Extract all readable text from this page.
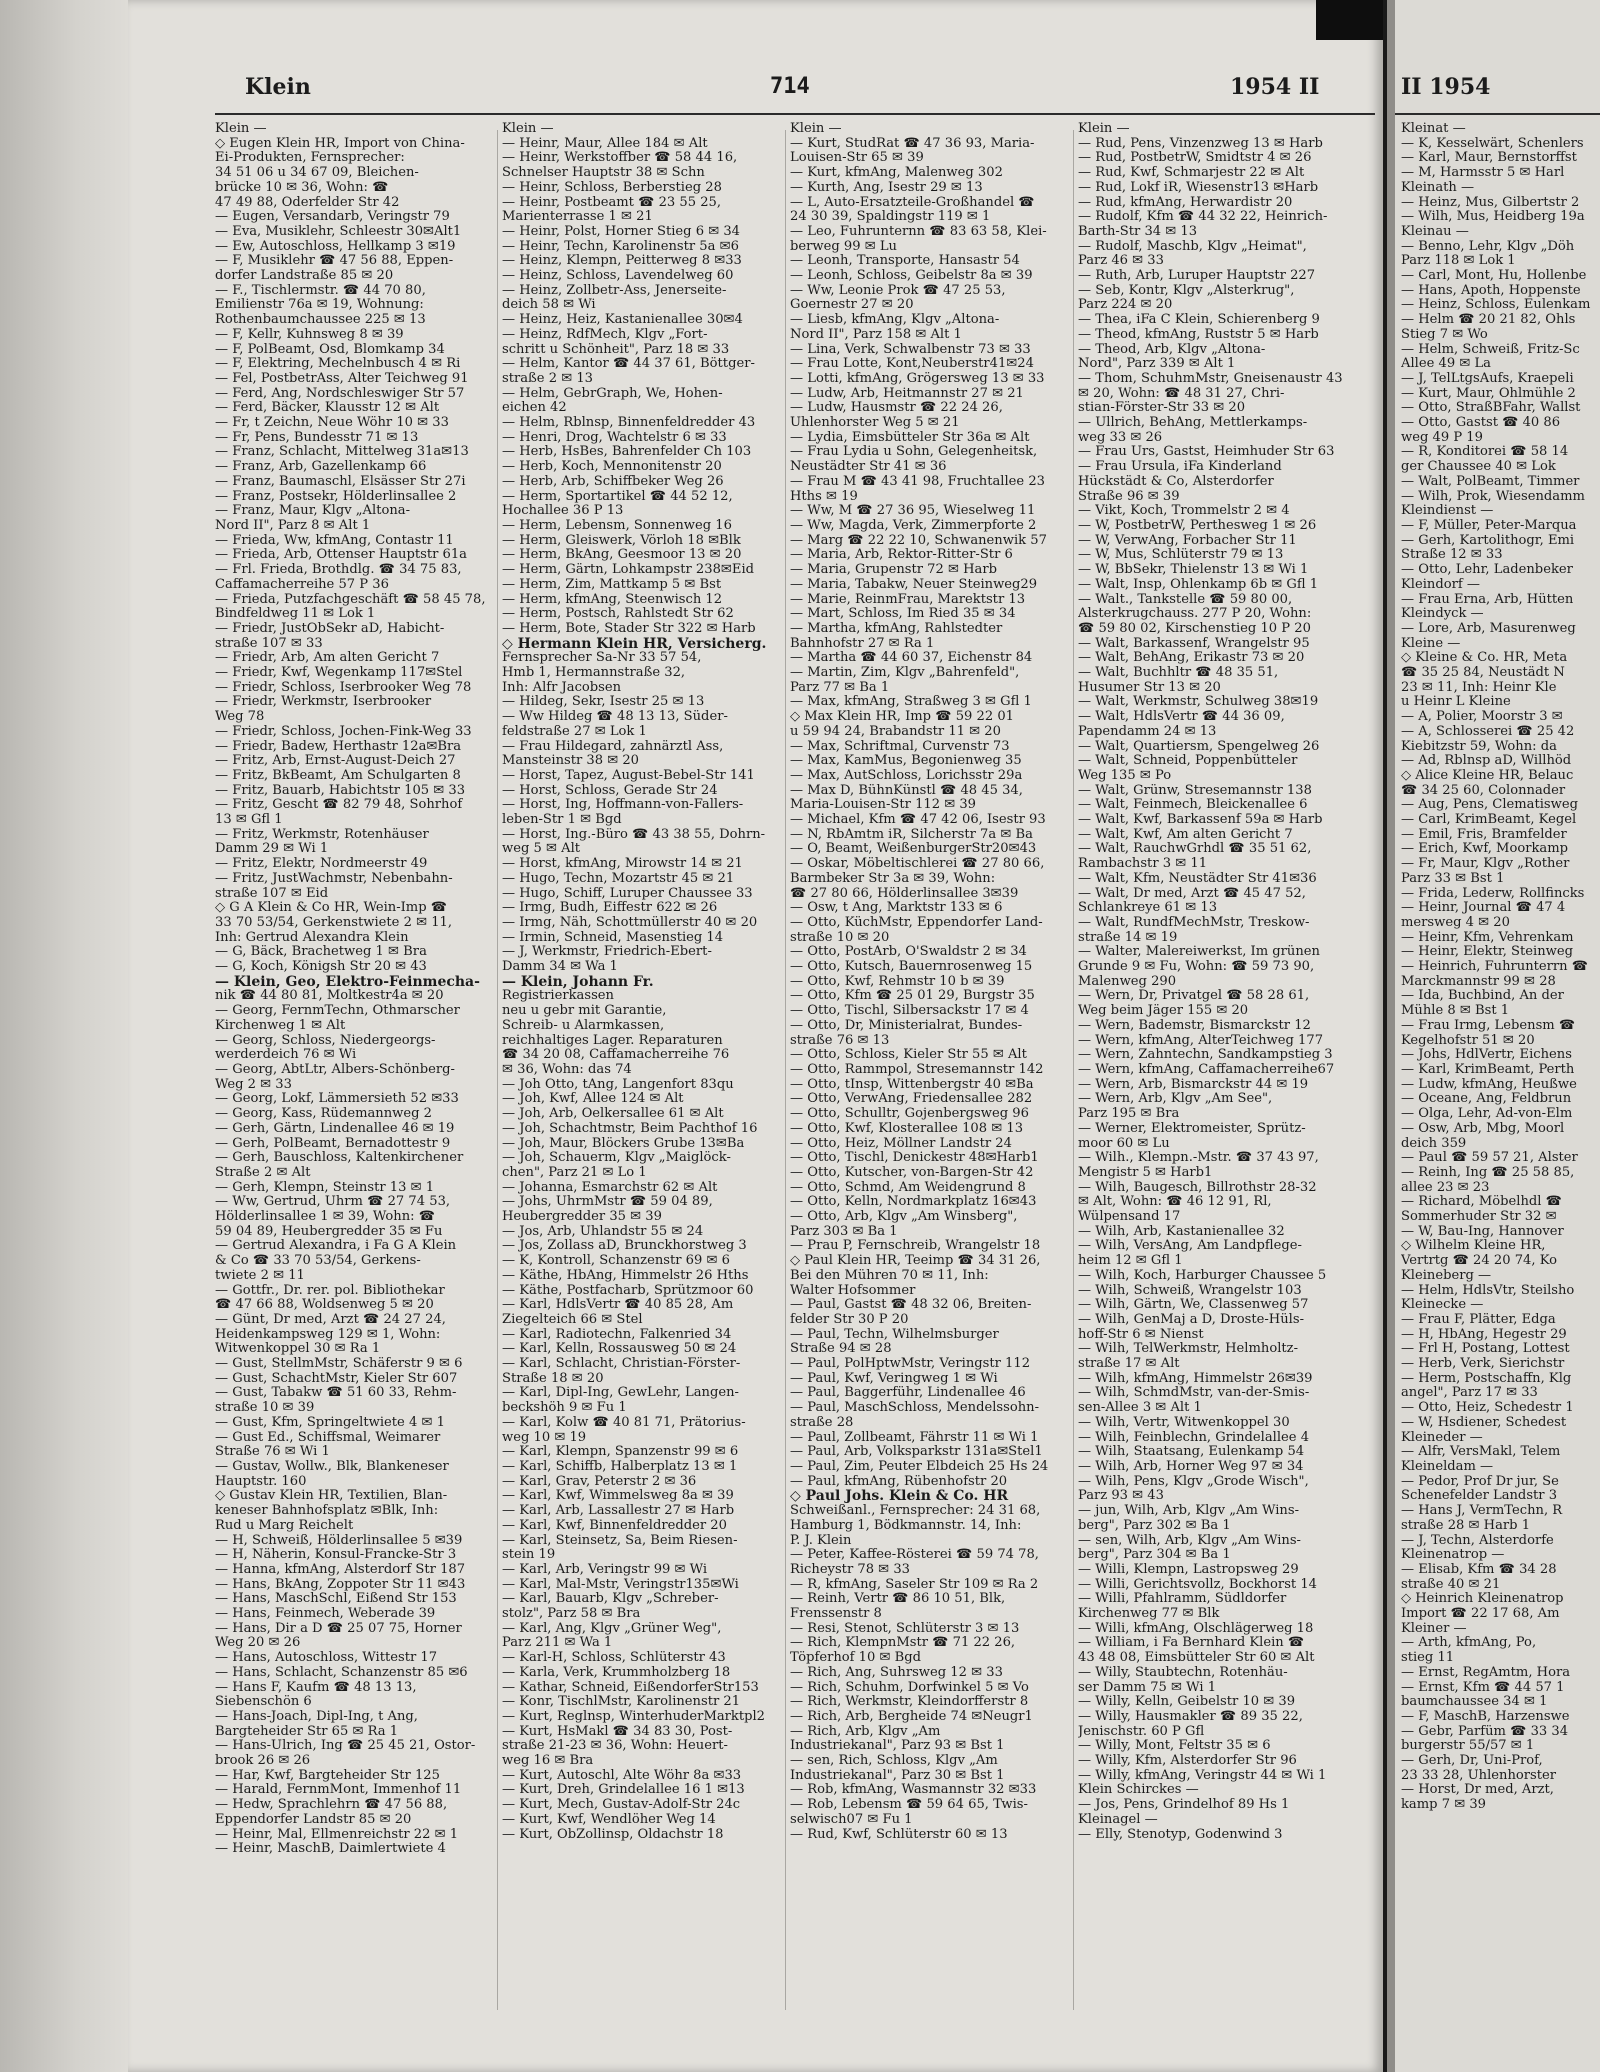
Klein	714	1954 II
Klein —
◇ Eugen Klein HR, Import von China-
Ei-Produkten, Fernsprecher:
34 51 06 u 34 67 09, Bleichen-
brücke 10 ✉ 36, Wohn: ☎
47 49 88, Oderfelder Str 42
— Eugen, Versandarb, Veringstr 79
— Eva, Musiklehr, Schleestr 30✉Alt1
— Ew, Autoschloss, Hellkamp 3 ✉19
— F, Musiklehr ☎ 47 56 88, Eppen-
dorfer Landstraße 85 ✉ 20
— F., Tischlermstr. ☎ 44 70 80,
Emilienstr 76a ✉ 19, Wohnung:
Rothenbaumchaussee 225 ✉ 13
— F, Kellr, Kuhnsweg 8 ✉ 39
— F, PolBeamt, Osd, Blomkamp 34
— F, Elektring, Mechelnbusch 4 ✉ Ri
— Fel, PostbetrAss, Alter Teichweg 91
— Ferd, Ang, Nordschleswiger Str 57
— Ferd, Bäcker, Klausstr 12 ✉ Alt
— Fr, t Zeichn, Neue Wöhr 10 ✉ 33
— Fr, Pens, Bundesstr 71 ✉ 13
— Franz, Schlacht, Mittelweg 31a✉13
— Franz, Arb, Gazellenkamp 66
— Franz, Baumaschl, Elsässer Str 27i
— Franz, Postsekr, Hölderlinsallee 2
— Franz, Maur, Klgv „Altona-
Nord II", Parz 8 ✉ Alt 1
— Frieda, Ww, kfmAng, Contastr 11
— Frieda, Arb, Ottenser Hauptstr 61a
— Frl. Frieda, Brothdlg. ☎ 34 75 83,
Caffamacherreihe 57 P 36
— Frieda, Putzfachgeschäft ☎ 58 45 78,
Bindfeldweg 11 ✉ Lok 1
— Friedr, JustObSekr aD, Habicht-
straße 107 ✉ 33
— Friedr, Arb, Am alten Gericht 7
— Friedr, Kwf, Wegenkamp 117✉Stel
— Friedr, Schloss, Iserbrooker Weg 78
— Friedr, Werkmstr, Iserbrooker
Weg 78
— Friedr, Schloss, Jochen-Fink-Weg 33
— Friedr, Badew, Herthastr 12a✉Bra
— Fritz, Arb, Ernst-August-Deich 27
— Fritz, BkBeamt, Am Schulgarten 8
— Fritz, Bauarb, Habichtstr 105 ✉ 33
— Fritz, Gescht ☎ 82 79 48, Sohrhof
13 ✉ Gfl 1
— Fritz, Werkmstr, Rotenhäuser
Damm 29 ✉ Wi 1
— Fritz, Elektr, Nordmeerstr 49
— Fritz, JustWachmstr, Nebenbahn-
straße 107 ✉ Eid
◇ G A Klein & Co HR, Wein-Imp ☎
33 70 53/54, Gerkenstwiete 2 ✉ 11,
Inh: Gertrud Alexandra Klein
— G, Bäck, Brachetweg 1 ✉ Bra
— G, Koch, Königsh Str 20 ✉ 43
— Klein, Geo, Elektro-Feinmecha-
nik ☎ 44 80 81, Moltkestr4a ✉ 20
— Georg, FernmTechn, Othmarscher
Kirchenweg 1 ✉ Alt
— Georg, Schloss, Niedergeorgs-
werderdeich 76 ✉ Wi
— Georg, AbtLtr, Albers-Schönberg-
Weg 2 ✉ 33
— Georg, Lokf, Lämmersieth 52 ✉33
— Georg, Kass, Rüdemannweg 2
— Gerh, Gärtn, Lindenallee 46 ✉ 19
— Gerh, PolBeamt, Bernadottestr 9
— Gerh, Bauschloss, Kaltenkirchener
Straße 2 ✉ Alt
— Gerh, Klempn, Steinstr 13 ✉ 1
— Ww, Gertrud, Uhrm ☎ 27 74 53,
Hölderlinsallee 1 ✉ 39, Wohn: ☎
59 04 89, Heubergredder 35 ✉ Fu
— Gertrud Alexandra, i Fa G A Klein
& Co ☎ 33 70 53/54, Gerkens-
twiete 2 ✉ 11
— Gottfr., Dr. rer. pol. Bibliothekar
☎ 47 66 88, Woldsenweg 5 ✉ 20
— Günt, Dr med, Arzt ☎ 24 27 24,
Heidenkampsweg 129 ✉ 1, Wohn:
Witwenkoppel 30 ✉ Ra 1
— Gust, StellmMstr, Schäferstr 9 ✉ 6
— Gust, SchachtMstr, Kieler Str 607
— Gust, Tabakw ☎ 51 60 33, Rehm-
straße 10 ✉ 39
— Gust, Kfm, Springeltwiete 4 ✉ 1
— Gust Ed., Schiffsmal, Weimarer
Straße 76 ✉ Wi 1
— Gustav, Wollw., Blk, Blankeneser
Hauptstr. 160
◇ Gustav Klein HR, Textilien, Blan-
keneser Bahnhofsplatz ✉Blk, Inh:
Rud u Marg Reichelt
— H, Schweiß, Hölderlinsallee 5 ✉39
— H, Näherin, Konsul-Francke-Str 3
— Hanna, kfmAng, Alsterdorf Str 187
— Hans, BkAng, Zoppoter Str 11 ✉43
— Hans, MaschSchl, Eißend Str 153
— Hans, Feinmech, Weberade 39
— Hans, Dir a D ☎ 25 07 75, Horner
Weg 20 ✉ 26
— Hans, Autoschloss, Wittestr 17
— Hans, Schlacht, Schanzenstr 85 ✉6
— Hans F, Kaufm ☎ 48 13 13,
Siebenschön 6
— Hans-Joach, Dipl-Ing, t Ang,
Bargteheider Str 65 ✉ Ra 1
— Hans-Ulrich, Ing ☎ 25 45 21, Ostor-
brook 26 ✉ 26
— Har, Kwf, Bargteheider Str 125
— Harald, FernmMont, Immenhof 11
— Hedw, Sprachlehrn ☎ 47 56 88,
Eppendorfer Landstr 85 ✉ 20
— Heinr, Mal, Ellmenreichstr 22 ✉ 1
— Heinr, MaschB, Daimlertwiete 4
Klein —
— Heinr, Maur, Allee 184 ✉ Alt
— Heinr, Werkstoffber ☎ 58 44 16,
Schnelser Hauptstr 38 ✉ Schn
— Heinr, Schloss, Berberstieg 28
— Heinr, Postbeamt ☎ 23 55 25,
Marienterrasse 1 ✉ 21
— Heinr, Polst, Horner Stieg 6 ✉ 34
— Heinr, Techn, Karolinenstr 5a ✉6
— Heinz, Klempn, Peitterweg 8 ✉33
— Heinz, Schloss, Lavendelweg 60
— Heinz, Zollbetr-Ass, Jenerseite-
deich 58 ✉ Wi
— Heinz, Heiz, Kastanienallee 30✉4
— Heinz, RdfMech, Klgv „Fort-
schritt u Schönheit", Parz 18 ✉ 33
— Helm, Kantor ☎ 44 37 61, Böttger-
straße 2 ✉ 13
— Helm, GebrGraph, We, Hohen-
eichen 42
— Helm, Rblnsp, Binnenfeldredder 43
— Henri, Drog, Wachtelstr 6 ✉ 33
— Herb, HsBes, Bahrenfelder Ch 103
— Herb, Koch, Mennonitenstr 20
— Herb, Arb, Schiffbeker Weg 26
— Herm, Sportartikel ☎ 44 52 12,
Hochallee 36 P 13
— Herm, Lebensm, Sonnenweg 16
— Herm, Gleiswerk, Vörloh 18 ✉Blk
— Herm, BkAng, Geesmoor 13 ✉ 20
— Herm, Gärtn, Lohkampstr 238✉Eid
— Herm, Zim, Mattkamp 5 ✉ Bst
— Herm, kfmAng, Steenwisch 12
— Herm, Postsch, Rahlstedt Str 62
— Herm, Bote, Stader Str 322 ✉ Harb
◇ Hermann Klein HR, Versicherg.
Fernsprecher Sa-Nr 33 57 54,
Hmb 1, Hermannstraße 32,
Inh: Alfr Jacobsen
— Hildeg, Sekr, Isestr 25 ✉ 13
— Ww Hildeg ☎ 48 13 13, Süder-
feldstraße 27 ✉ Lok 1
— Frau Hildegard, zahnärztl Ass,
Mansteinstr 38 ✉ 20
— Horst, Tapez, August-Bebel-Str 141
— Horst, Schloss, Gerade Str 24
— Horst, Ing, Hoffmann-von-Fallers-
leben-Str 1 ✉ Bgd
— Horst, Ing.-Büro ☎ 43 38 55, Dohrn-
weg 5 ✉ Alt
— Horst, kfmAng, Mirowstr 14 ✉ 21
— Hugo, Techn, Mozartstr 45 ✉ 21
— Hugo, Schiff, Luruper Chaussee 33
— Irmg, Budh, Eiffestr 622 ✉ 26
— Irmg, Näh, Schottmüllerstr 40 ✉ 20
— Irmin, Schneid, Masenstieg 14
— J, Werkmstr, Friedrich-Ebert-
Damm 34 ✉ Wa 1
— Klein, Johann Fr.
Registrierkassen
neu u gebr mit Garantie,
Schreib- u Alarmkassen,
reichhaltiges Lager. Reparaturen
☎ 34 20 08, Caffamacherreihe 76
✉ 36, Wohn: das 74
— Joh Otto, tAng, Langenfort 83qu
— Joh, Kwf, Allee 124 ✉ Alt
— Joh, Arb, Oelkersallee 61 ✉ Alt
— Joh, Schachtmstr, Beim Pachthof 16
— Joh, Maur, Blöckers Grube 13✉Ba
— Joh, Schauerm, Klgv „Maiglöck-
chen", Parz 21 ✉ Lo 1
— Johanna, Esmarchstr 62 ✉ Alt
— Johs, UhrmMstr ☎ 59 04 89,
Heubergredder 35 ✉ 39
— Jos, Arb, Uhlandstr 55 ✉ 24
— Jos, Zollass aD, Brunckhorstweg 3
— K, Kontroll, Schanzenstr 69 ✉ 6
— Käthe, HbAng, Himmelstr 26 Hths
— Käthe, Postfacharb, Sprützmoor 60
— Karl, HdlsVertr ☎ 40 85 28, Am
Ziegelteich 66 ✉ Stel
— Karl, Radiotechn, Falkenried 34
— Karl, Kelln, Rossausweg 50 ✉ 24
— Karl, Schlacht, Christian-Förster-
Straße 18 ✉ 20
— Karl, Dipl-Ing, GewLehr, Langen-
beckshöh 9 ✉ Fu 1
— Karl, Kolw ☎ 40 81 71, Prätorius-
weg 10 ✉ 19
— Karl, Klempn, Spanzenstr 99 ✉ 6
— Karl, Schiffb, Halberplatz 13 ✉ 1
— Karl, Grav, Peterstr 2 ✉ 36
— Karl, Kwf, Wimmelsweg 8a ✉ 39
— Karl, Arb, Lassallestr 27 ✉ Harb
— Karl, Kwf, Binnenfeldredder 20
— Karl, Steinsetz, Sa, Beim Riesen-
stein 19
— Karl, Arb, Veringstr 99 ✉ Wi
— Karl, Mal-Mstr, Veringstr135✉Wi
— Karl, Bauarb, Klgv „Schreber-
stolz", Parz 58 ✉ Bra
— Karl, Ang, Klgv „Grüner Weg",
Parz 211 ✉ Wa 1
— Karl-H, Schloss, Schlüterstr 43
— Karla, Verk, Krummholzberg 18
— Kathar, Schneid, EißendorferStr153
— Konr, TischlMstr, Karolinenstr 21
— Kurt, Reglnsp, WinterhuderMarktpl2
— Kurt, HsMakl ☎ 34 83 30, Post-
straße 21-23 ✉ 36, Wohn: Heuert-
weg 16 ✉ Bra
— Kurt, Autoschl, Alte Wöhr 8a ✉33
— Kurt, Dreh, Grindelallee 16 1 ✉13
— Kurt, Mech, Gustav-Adolf-Str 24c
— Kurt, Kwf, Wendlöher Weg 14
— Kurt, ObZollinsp, Oldachstr 18
Klein —
— Kurt, StudRat ☎ 47 36 93, Maria-
Louisen-Str 65 ✉ 39
— Kurt, kfmAng, Malenweg 302
— Kurth, Ang, Isestr 29 ✉ 13
— L, Auto-Ersatzteile-Großhandel ☎
24 30 39, Spaldingstr 119 ✉ 1
— Leo, Fuhrunternn ☎ 83 63 58, Klei-
berweg 99 ✉ Lu
— Leonh, Transporte, Hansastr 54
— Leonh, Schloss, Geibelstr 8a ✉ 39
— Ww, Leonie Prok ☎ 47 25 53,
Goernestr 27 ✉ 20
— Liesb, kfmAng, Klgv „Altona-
Nord II", Parz 158 ✉ Alt 1
— Lina, Verk, Schwalbenstr 73 ✉ 33
— Frau Lotte, Kont,Neuberstr41✉24
— Lotti, kfmAng, Grögersweg 13 ✉ 33
— Ludw, Arb, Heitmannstr 27 ✉ 21
— Ludw, Hausmstr ☎ 22 24 26,
Uhlenhorster Weg 5 ✉ 21
— Lydia, Eimsbütteler Str 36a ✉ Alt
— Frau Lydia u Sohn, Gelegenheitsk,
Neustädter Str 41 ✉ 36
— Frau M ☎ 43 41 98, Fruchtallee 23
Hths ✉ 19
— Ww, M ☎ 27 36 95, Wieselweg 11
— Ww, Magda, Verk, Zimmerpforte 2
— Marg ☎ 22 22 10, Schwanenwik 57
— Maria, Arb, Rektor-Ritter-Str 6
— Maria, Grupenstr 72 ✉ Harb
— Maria, Tabakw, Neuer Steinweg29
— Marie, ReinmFrau, Marektstr 13
— Mart, Schloss, Im Ried 35 ✉ 34
— Martha, kfmAng, Rahlstedter
Bahnhofstr 27 ✉ Ra 1
— Martha ☎ 44 60 37, Eichenstr 84
— Martin, Zim, Klgv „Bahrenfeld",
Parz 77 ✉ Ba 1
— Max, kfmAng, Straßweg 3 ✉ Gfl 1
◇ Max Klein HR, Imp ☎ 59 22 01
u 59 94 24, Brabandstr 11 ✉ 20
— Max, Schriftmal, Curvenstr 73
— Max, KamMus, Begonienweg 35
— Max, AutSchloss, Lorichsstr 29a
— Max D, BühnKünstl ☎ 48 45 34,
Maria-Louisen-Str 112 ✉ 39
— Michael, Kfm ☎ 47 42 06, Isestr 93
— N, RbAmtm iR, Silcherstr 7a ✉ Ba
— O, Beamt, WeißenburgerStr20✉43
— Oskar, Möbeltischlerei ☎ 27 80 66,
Barmbeker Str 3a ✉ 39, Wohn:
☎ 27 80 66, Hölderlinsallee 3✉39
— Osw, t Ang, Marktstr 133 ✉ 6
— Otto, KüchMstr, Eppendorfer Land-
straße 10 ✉ 20
— Otto, PostArb, O'Swaldstr 2 ✉ 34
— Otto, Kutsch, Bauernrosenweg 15
— Otto, Kwf, Rehmstr 10 b ✉ 39
— Otto, Kfm ☎ 25 01 29, Burgstr 35
— Otto, Tischl, Silbersackstr 17 ✉ 4
— Otto, Dr, Ministerialrat, Bundes-
straße 76 ✉ 13
— Otto, Schloss, Kieler Str 55 ✉ Alt
— Otto, Rammpol, Stresemannstr 142
— Otto, tInsp, Wittenbergstr 40 ✉Ba
— Otto, VerwAng, Friedensallee 282
— Otto, Schulltr, Gojenbergsweg 96
— Otto, Kwf, Klosterallee 108 ✉ 13
— Otto, Heiz, Möllner Landstr 24
— Otto, Tischl, Denickestr 48✉Harb1
— Otto, Kutscher, von-Bargen-Str 42
— Otto, Schmd, Am Weidengrund 8
— Otto, Kelln, Nordmarkplatz 16✉43
— Otto, Arb, Klgv „Am Winsberg",
Parz 303 ✉ Ba 1
— Prau P, Fernschreib, Wrangelstr 18
◇ Paul Klein HR, Teeimp ☎ 34 31 26,
Bei den Mühren 70 ✉ 11, Inh:
Walter Hofsommer
— Paul, Gastst ☎ 48 32 06, Breiten-
felder Str 30 P 20
— Paul, Techn, Wilhelmsburger
Straße 94 ✉ 28
— Paul, PolHptwMstr, Veringstr 112
— Paul, Kwf, Veringweg 1 ✉ Wi
— Paul, Baggerführ, Lindenallee 46
— Paul, MaschSchloss, Mendelssohn-
straße 28
— Paul, Zollbeamt, Fährstr 11 ✉ Wi 1
— Paul, Arb, Volksparkstr 131a✉Stel1
— Paul, Zim, Peuter Elbdeich 25 Hs 24
— Paul, kfmAng, Rübenhofstr 20
◇ Paul Johs. Klein & Co. HR
Schweißanl., Fernsprecher: 24 31 68,
Hamburg 1, Bödkmannstr. 14, Inh:
P. J. Klein
— Peter, Kaffee-Rösterei ☎ 59 74 78,
Richeystr 78 ✉ 33
— R, kfmAng, Saseler Str 109 ✉ Ra 2
— Reinh, Vertr ☎ 86 10 51, Blk,
Frenssenstr 8
— Resi, Stenot, Schlüterstr 3 ✉ 13
— Rich, KlempnMstr ☎ 71 22 26,
Töpferhof 10 ✉ Bgd
— Rich, Ang, Suhrsweg 12 ✉ 33
— Rich, Schuhm, Dorfwinkel 5 ✉ Vo
— Rich, Werkmstr, Kleindorfferstr 8
— Rich, Arb, Bergheide 74 ✉Neugr1
— Rich, Arb, Klgv „Am
Industriekanal", Parz 93 ✉ Bst 1
— sen, Rich, Schloss, Klgv „Am
Industriekanal", Parz 30 ✉ Bst 1
— Rob, kfmAng, Wasmannstr 32 ✉33
— Rob, Lebensm ☎ 59 64 65, Twis-
selwisch07 ✉ Fu 1
— Rud, Kwf, Schlüterstr 60 ✉ 13
Klein —
— Rud, Pens, Vinzenzweg 13 ✉ Harb
— Rud, PostbetrW, Smidtstr 4 ✉ 26
— Rud, Kwf, Schmarjestr 22 ✉ Alt
— Rud, Lokf iR, Wiesenstr13 ✉Harb
— Rud, kfmAng, Herwardistr 20
— Rudolf, Kfm ☎ 44 32 22, Heinrich-
Barth-Str 34 ✉ 13
— Rudolf, Maschb, Klgv „Heimat",
Parz 46 ✉ 33
— Ruth, Arb, Luruper Hauptstr 227
— Seb, Kontr, Klgv „Alsterkrug",
Parz 224 ✉ 20
— Thea, iFa C Klein, Schierenberg 9
— Theod, kfmAng, Ruststr 5 ✉ Harb
— Theod, Arb, Klgv „Altona-
Nord", Parz 339 ✉ Alt 1
— Thom, SchuhmMstr, Gneisenaustr 43
✉ 20, Wohn: ☎ 48 31 27, Chri-
stian-Förster-Str 33 ✉ 20
— Ullrich, BehAng, Mettlerkamps-
weg 33 ✉ 26
— Frau Urs, Gastst, Heimhuder Str 63
— Frau Ursula, iFa Kinderland
Hückstädt & Co, Alsterdorfer
Straße 96 ✉ 39
— Vikt, Koch, Trommelstr 2 ✉ 4
— W, PostbetrW, Perthesweg 1 ✉ 26
— W, VerwAng, Forbacher Str 11
— W, Mus, Schlüterstr 79 ✉ 13
— W, BbSekr, Thielenstr 13 ✉ Wi 1
— Walt, Insp, Ohlenkamp 6b ✉ Gfl 1
— Walt., Tankstelle ☎ 59 80 00,
Alsterkrugchauss. 277 P 20, Wohn:
☎ 59 80 02, Kirschenstieg 10 P 20
— Walt, Barkassenf, Wrangelstr 95
— Walt, BehAng, Erikastr 73 ✉ 20
— Walt, Buchhltr ☎ 48 35 51,
Husumer Str 13 ✉ 20
— Walt, Werkmstr, Schulweg 38✉19
— Walt, HdlsVertr ☎ 44 36 09,
Papendamm 24 ✉ 13
— Walt, Quartiersm, Spengelweg 26
— Walt, Schneid, Poppenbütteler
Weg 135 ✉ Po
— Walt, Grünw, Stresemannstr 138
— Walt, Feinmech, Bleickenallee 6
— Walt, Kwf, Barkassenf 59a ✉ Harb
— Walt, Kwf, Am alten Gericht 7
— Walt, RauchwGrhdl ☎ 35 51 62,
Rambachstr 3 ✉ 11
— Walt, Kfm, Neustädter Str 41✉36
— Walt, Dr med, Arzt ☎ 45 47 52,
Schlankreye 61 ✉ 13
— Walt, RundfMechMstr, Treskow-
straße 14 ✉ 19
— Walter, Malereiwerkst, Im grünen
Grunde 9 ✉ Fu, Wohn: ☎ 59 73 90,
Malenweg 290
— Wern, Dr, Privatgel ☎ 58 28 61,
Weg beim Jäger 155 ✉ 20
— Wern, Bademstr, Bismarckstr 12
— Wern, kfmAng, AlterTeichweg 177
— Wern, Zahntechn, Sandkampstieg 3
— Wern, kfmAng, Caffamacherreihe67
— Wern, Arb, Bismarckstr 44 ✉ 19
— Wern, Arb, Klgv „Am See",
Parz 195 ✉ Bra
— Werner, Elektromeister, Sprütz-
moor 60 ✉ Lu
— Wilh., Klempn.-Mstr. ☎ 37 43 97,
Mengistr 5 ✉ Harb1
— Wilh, Baugesch, Billrothstr 28-32
✉ Alt, Wohn: ☎ 46 12 91, Rl,
Wülpensand 17
— Wilh, Arb, Kastanienallee 32
— Wilh, VersAng, Am Landpflege-
heim 12 ✉ Gfl 1
— Wilh, Koch, Harburger Chaussee 5
— Wilh, Schweiß, Wrangelstr 103
— Wilh, Gärtn, We, Classenweg 57
— Wilh, GenMaj a D, Droste-Hüls-
hoff-Str 6 ✉ Nienst
— Wilh, TelWerkmstr, Helmholtz-
straße 17 ✉ Alt
— Wilh, kfmAng, Himmelstr 26✉39
— Wilh, SchmdMstr, van-der-Smis-
sen-Allee 3 ✉ Alt 1
— Wilh, Vertr, Witwenkoppel 30
— Wilh, Feinblechn, Grindelallee 4
— Wilh, Staatsang, Eulenkamp 54
— Wilh, Arb, Horner Weg 97 ✉ 34
— Wilh, Pens, Klgv „Grode Wisch",
Parz 93 ✉ 43
— jun, Wilh, Arb, Klgv „Am Wins-
berg", Parz 302 ✉ Ba 1
— sen, Wilh, Arb, Klgv „Am Wins-
berg", Parz 304 ✉ Ba 1
— Willi, Klempn, Lastropsweg 29
— Willi, Gerichtsvollz, Bockhorst 14
— Willi, Pfahlramm, Südldorfer
Kirchenweg 77 ✉ Blk
— Willi, kfmAng, Olschlägerweg 18
— William, i Fa Bernhard Klein ☎
43 48 08, Eimsbütteler Str 60 ✉ Alt
— Willy, Staubtechn, Rotenhäu-
ser Damm 75 ✉ Wi 1
— Willy, Kelln, Geibelstr 10 ✉ 39
— Willy, Hausmakler ☎ 89 35 22,
Jenischstr. 60 P Gfl
— Willy, Mont, Feltstr 35 ✉ 6
— Willy, Kfm, Alsterdorfer Str 96
— Willy, kfmAng, Veringstr 44 ✉ Wi 1
Klein Schirckes —
— Jos, Pens, Grindelhof 89 Hs 1
Kleinagel —
— Elly, Stenotyp, Godenwind 3
II 1954
Kleinat —
— K, Kesselwärt, Schenlers
— Karl, Maur, Bernstorffst
— M, Harmsstr 5 ✉ Harl
Kleinath —
— Heinz, Mus, Gilbertstr 2
— Wilh, Mus, Heidberg 19a
Kleinau —
— Benno, Lehr, Klgv „Döh
Parz 118 ✉ Lok 1
— Carl, Mont, Hu, Hollenbe
— Hans, Apoth, Hoppenste
— Heinz, Schloss, Eulenkam
— Helm ☎ 20 21 82, Ohls
Stieg 7 ✉ Wo
— Helm, Schweiß, Fritz-Sc
Allee 49 ✉ La
— J, TelLtgsAufs, Kraepeli
— Kurt, Maur, Ohlmühle 2
— Otto, StraßBFahr, Wallst
— Otto, Gastst ☎ 40 86
weg 49 P 19
— R, Konditorei ☎ 58 14
ger Chaussee 40 ✉ Lok
— Walt, PolBeamt, Timmer
— Wilh, Prok, Wiesendamm
Kleindienst —
— F, Müller, Peter-Marqua
— Gerh, Kartolithogr, Emi
Straße 12 ✉ 33
— Otto, Lehr, Ladenbeker
Kleindorf —
— Frau Erna, Arb, Hütten
Kleindyck —
— Lore, Arb, Masurenweg
Kleine —
◇ Kleine & Co. HR, Meta
☎ 35 25 84, Neustädt N
23 ✉ 11, Inh: Heinr Kle
u Heinr L Kleine
— A, Polier, Moorstr 3 ✉
— A, Schlosserei ☎ 25 42
Kiebitzstr 59, Wohn: da
— Ad, Rblnsp aD, Willhöd
◇ Alice Kleine HR, Belauc
☎ 34 25 60, Colonnader
— Aug, Pens, Clematisweg
— Carl, KrimBeamt, Kegel
— Emil, Fris, Bramfelder
— Erich, Kwf, Moorkamp
— Fr, Maur, Klgv „Rother
Parz 33 ✉ Bst 1
— Frida, Lederw, Rollfincks
— Heinr, Journal ☎ 47 4
mersweg 4 ✉ 20
— Heinr, Kfm, Vehrenkam
— Heinr, Elektr, Steinweg
— Heinrich, Fuhrunterrn ☎
Marckmannstr 99 ✉ 28
— Ida, Buchbind, An der
Mühle 8 ✉ Bst 1
— Frau Irmg, Lebensm ☎
Kegelhofstr 51 ✉ 20
— Johs, HdlVertr, Eichens
— Karl, KrimBeamt, Perth
— Ludw, kfmAng, Heußwe
— Oceane, Ang, Feldbrun
— Olga, Lehr, Ad-von-Elm
— Osw, Arb, Mbg, Moorl
deich 359
— Paul ☎ 59 57 21, Alster
— Reinh, Ing ☎ 25 58 85,
allee 23 ✉ 23
— Richard, Möbelhdl ☎
Sommerhuder Str 32 ✉
— W, Bau-Ing, Hannover
◇ Wilhelm Kleine HR,
Vertrtg ☎ 24 20 74, Ko
Kleineberg —
— Helm, HdlsVtr, Steilsho
Kleinecke —
— Frau F, Plätter, Edga
— H, HbAng, Hegestr 29
— Frl H, Postang, Lottest
— Herb, Verk, Sierichstr
— Herm, Postschaffn, Klg
angel", Parz 17 ✉ 33
— Otto, Heiz, Schedestr 1
— W, Hsdiener, Schedest
Kleineder —
— Alfr, VersMakl, Telem
Kleineldam —
— Pedor, Prof Dr jur, Se
Schenefelder Landstr 3
— Hans J, VermTechn, R
straße 28 ✉ Harb 1
— J, Techn, Alsterdorfe
Kleinenatrop —
— Elisab, Kfm ☎ 34 28
straße 40 ✉ 21
◇ Heinrich Kleinenatrop
Import ☎ 22 17 68, Am
Kleiner —
— Arth, kfmAng, Po,
stieg 11
— Ernst, RegAmtm, Hora
— Ernst, Kfm ☎ 44 57 1
baumchaussee 34 ✉ 1
— F, MaschB, Harzenswe
— Gebr, Parfüm ☎ 33 34
burgerstr 55/57 ✉ 1
— Gerh, Dr, Uni-Prof,
23 33 28, Uhlenhorster
— Horst, Dr med, Arzt,
kamp 7 ✉ 39
